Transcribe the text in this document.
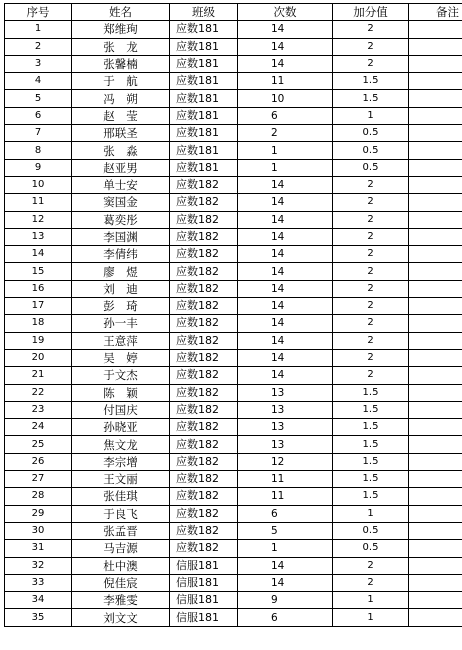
序号	姓名	班级	次数	加分值	备注
1	郑维珣	应数181	14	2	
2	张　龙	应数181	14	2	
3	张馨楠	应数181	14	2	
4	于　航	应数181	11	1.5	
5	冯　朔	应数181	10	1.5	
6	赵　莹	应数181	6	1	
7	邢联圣	应数181	2	0.5	
8	张　淼	应数181	1	0.5	
9	赵亚男	应数181	1	0.5	
10	单士安	应数182	14	2	
11	窦国金	应数182	14	2	
12	葛奕彤	应数182	14	2	
13	李国渊	应数182	14	2	
14	李倩纬	应数182	14	2	
15	廖　煜	应数182	14	2	
16	刘　迪	应数182	14	2	
17	彭　琦	应数182	14	2	
18	孙一丰	应数182	14	2	
19	王意萍	应数182	14	2	
20	吴　婷	应数182	14	2	
21	于文杰	应数182	14	2	
22	陈　颖	应数182	13	1.5	
23	付国庆	应数182	13	1.5	
24	孙晓亚	应数182	13	1.5	
25	焦文龙	应数182	13	1.5	
26	李宗增	应数182	12	1.5	
27	王文丽	应数182	11	1.5	
28	张佳琪	应数182	11	1.5	
29	于良飞	应数182	6	1	
30	张孟晋	应数182	5	0.5	
31	马吉源	应数182	1	0.5	
32	杜中澳	信服181	14	2	
33	倪佳宸	信服181	14	2	
34	李雅雯	信服181	9	1	
35	刘文文	信服181	6	1	
